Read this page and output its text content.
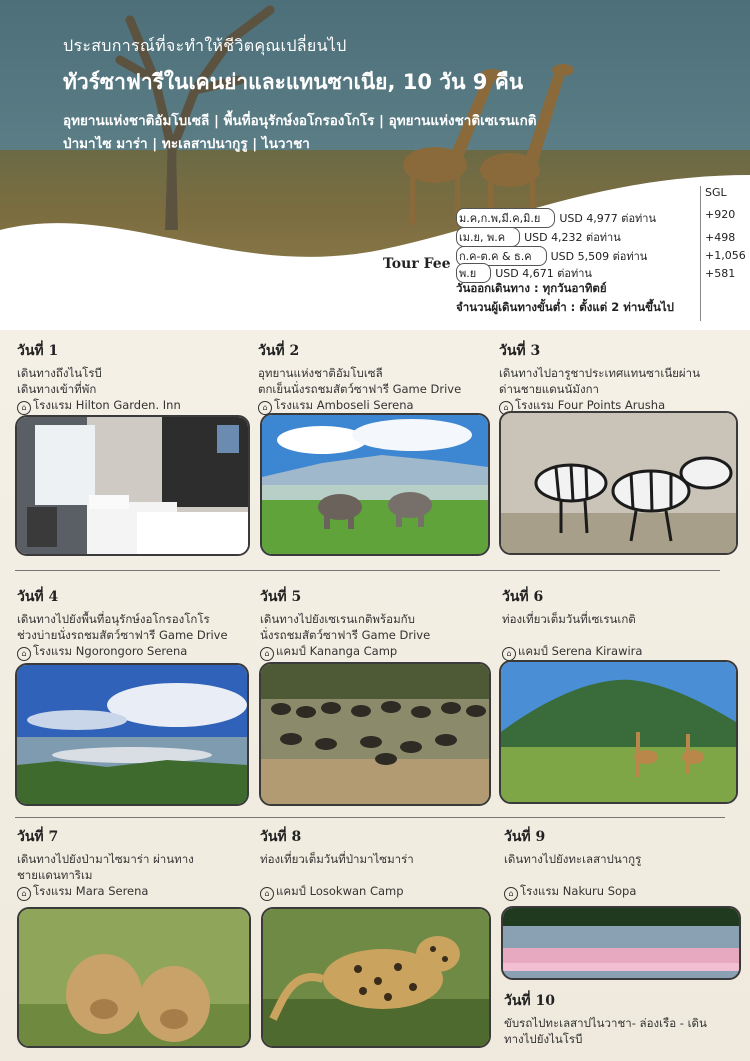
ประสบการณ์ที่จะทำให้ชีวิตคุณเปลี่ยนไป
ทัวร์ซาฟารีในเคนย่าและแทนซาเนีย, 10 วัน 9 คืน
อุทยานแห่งชาติอัมโบเซลี | พื้นที่อนุรักษ์งอโกรองโกโร | อุทยานแห่งชาติเซเรนเกติ
ป่ามาไซ มาร่า | ทะเลสาปนากูรู | ไนวาชา
Tour Fee
ม.ค,ก.พ,มี.ค,มิ.ย USD 4,977 ต่อท่าน
เม.ย, พ.ค USD 4,232 ต่อท่าน
ก.ค-ต.ค & ธ.ค USD 5,509 ต่อท่าน
พ.ย USD 4,671 ต่อท่าน
วันออกเดินทาง : ทุกวันอาทิตย์
จำนวนผู้เดินทางขั้นต่ำ : ตั้งแต่ 2 ท่านขึ้นไป
SGL
+920
+498
+1,056
+581
วันที่ 1
เดินทางถึงไนโรบี
เดินทางเข้าที่พัก
⌂ โรงแรม Hilton Garden. Inn
วันที่ 2
อุทยานแห่งชาติอัมโบเซลี
ตกเย็นนั่งรถชมสัตว์ซาฟารี Game Drive
⌂ โรงแรม Amboseli Serena
วันที่ 3
เดินทางไปอารูชาประเทศแทนซาเนียผ่าน
ด่านชายแดนนัมังกา
⌂ โรงแรม Four Points Arusha
วันที่ 4
เดินทางไปยังพื้นที่อนุรักษ์งอโกรองโกโร
ช่วงบ่ายนั่งรถชมสัตว์ซาฟารี Game Drive
⌂ โรงแรม Ngorongoro Serena
วันที่ 5
เดินทางไปยังเซเรนเกติพร้อมกับ
นั่งรถชมสัตว์ซาฟารี Game Drive
⌂ แคมป์ Kananga Camp
วันที่ 6
ท่องเที่ยวเต็มวันที่เซเรนเกติ
⌂ แคมป์ Serena Kirawira
วันที่ 7
เดินทางไปยังป่ามาไซมาร่า ผ่านทาง
ชายแดนทาริเม
⌂ โรงแรม Mara Serena
วันที่ 8
ท่องเที่ยวเต็มวันที่ป่ามาไซมาร่า
⌂ แคมป์ Losokwan Camp
วันที่ 9
เดินทางไปยังทะเลสาปนากูรู
⌂ โรงแรม Nakuru Sopa
วันที่ 10
ขับรถไปทะเลสาปไนวาชา- ล่องเรือ - เดิน
ทางไปยังไนโรบี
